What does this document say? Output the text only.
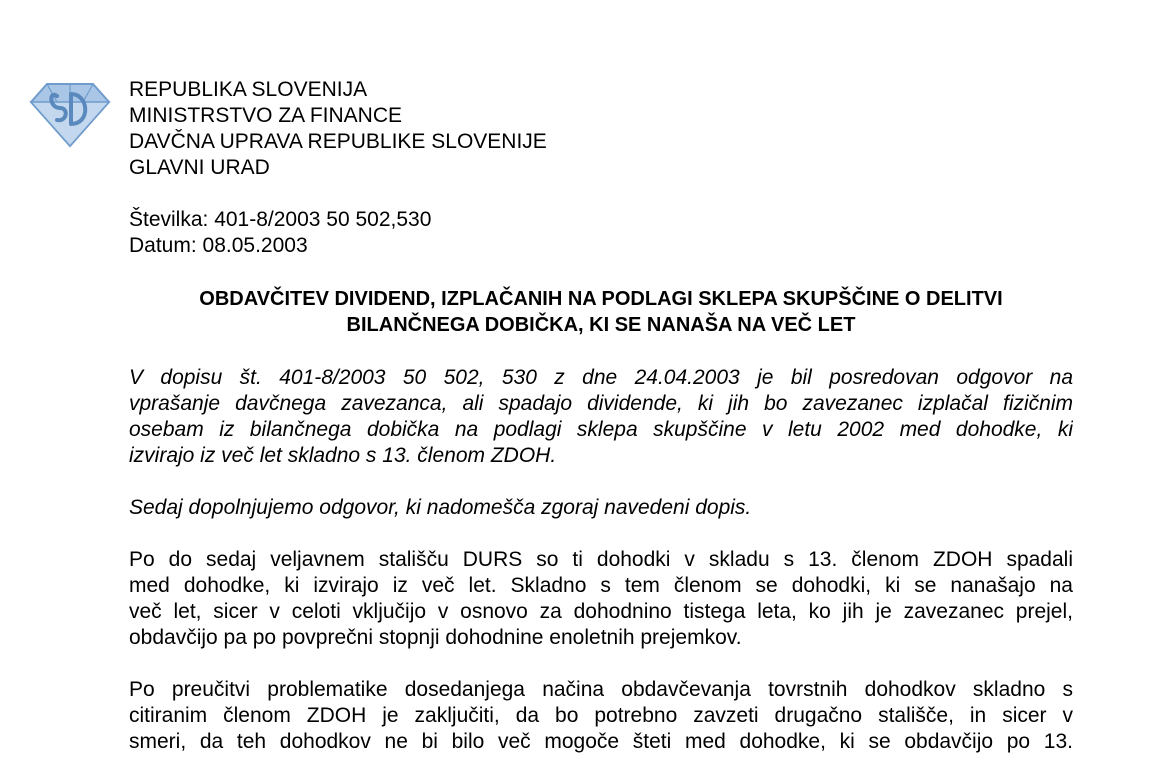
REPUBLIKA SLOVENIJA
MINISTRSTVO ZA FINANCE
DAVČNA UPRAVA REPUBLIKE SLOVENIJE
GLAVNI URAD
Številka: 401-8/2003 50 502,530
Datum: 08.05.2003
OBDAVČITEV DIVIDEND, IZPLAČANIH NA PODLAGI SKLEPA SKUPŠČINE O DELITVI
BILANČNEGA DOBIČKA, KI SE NANAŠA NA VEČ LET
V dopisu št. 401-8/2003 50 502, 530 z dne 24.04.2003 je bil posredovan odgovor na
vprašanje davčnega zavezanca, ali spadajo dividende, ki jih bo zavezanec izplačal fizičnim
osebam iz bilančnega dobička na podlagi sklepa skupščine v letu 2002 med dohodke, ki
izvirajo iz več let skladno s 13. členom ZDOH.
Sedaj dopolnjujemo odgovor, ki nadomešča zgoraj navedeni dopis.
Po do sedaj veljavnem stališču DURS so ti dohodki v skladu s 13. členom ZDOH spadali
med dohodke, ki izvirajo iz več let. Skladno s tem členom se dohodki, ki se nanašajo na
več let, sicer v celoti vključijo v osnovo za dohodnino tistega leta, ko jih je zavezanec prejel,
obdavčijo pa po povprečni stopnji dohodnine enoletnih prejemkov.
Po preučitvi problematike dosedanjega načina obdavčevanja tovrstnih dohodkov skladno s
citiranim členom ZDOH je zaključiti, da bo potrebno zavzeti drugačno stališče, in sicer v
smeri, da teh dohodkov ne bi bilo več mogoče šteti med dohodke, ki se obdavčijo po 13.
